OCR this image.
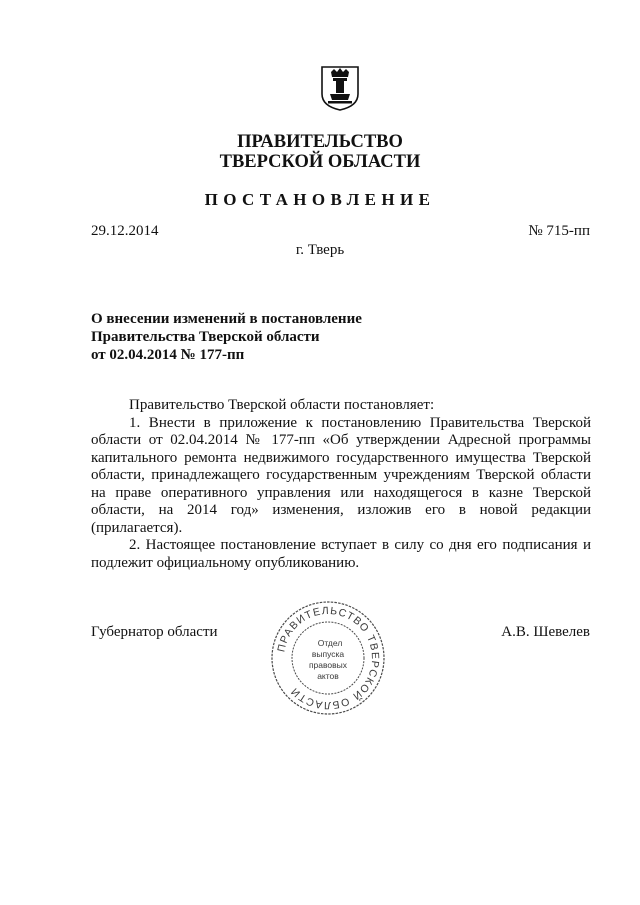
ПРАВИТЕЛЬСТВО
ТВЕРСКОЙ ОБЛАСТИ
ПОСТАНОВЛЕНИЕ
29.12.2014	№ 715-пп
г. Тверь
О внесении изменений в постановление
Правительства Тверской области
от 02.04.2014 № 177-пп
Правительство Тверской области постановляет:
1. Внести в приложение к постановлению Правительства Тверской области от 02.04.2014 № 177-пп «Об утверждении Адресной программы капитального ремонта недвижимого государственного имущества Тверской области, принадлежащего государственным учреждениям Тверской области на праве оперативного управления или находящегося в казне Тверской области, на 2014 год» изменения, изложив его в новой редакции (прилагается).
2. Настоящее постановление вступает в силу со дня его подписания и подлежит официальному опубликованию.
Губернатор области
ПРАВИТЕЛЬСТВО ТВЕРСКОЙ ОБЛАСТИ
Отдел
выпуска
правовых
актов
А.В. Шевелев
